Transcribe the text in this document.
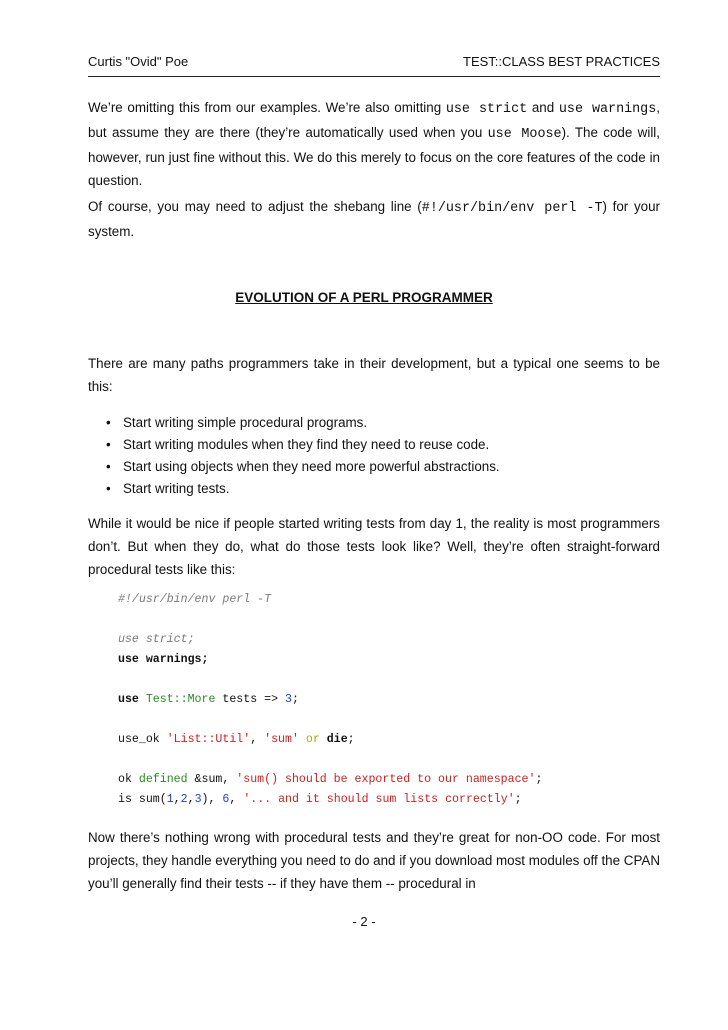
Curtis "Ovid" Poe	TEST::CLASS BEST PRACTICES

We’re omitting this from our examples. We’re also omitting use strict and use warnings, but assume they are there (they’re automatically used when you use Moose). The code will, however, run just fine without this. We do this merely to focus on the core features of the code in question.

Of course, you may need to adjust the shebang line (#!/usr/bin/env perl -T) for your system.

EVOLUTION OF A PERL PROGRAMMER

There are many paths programmers take in their development, but a typical one seems to be this:

• Start writing simple procedural programs.
• Start writing modules when they find they need to reuse code.
• Start using objects when they need more powerful abstractions.
• Start writing tests.

While it would be nice if people started writing tests from day 1, the reality is most programmers don’t. But when they do, what do those tests look like? Well, they’re often straight-forward procedural tests like this:

#!/usr/bin/env perl -T
use strict;
use warnings;
use Test::More tests => 3;
use_ok 'List::Util', 'sum' or die;
ok defined &sum, 'sum() should be exported to our namespace';
is sum(1,2,3), 6, '... and it should sum lists correctly';

Now there’s nothing wrong with procedural tests and they’re great for non-OO code. For most projects, they handle everything you need to do and if you download most modules off the CPAN you’ll generally find their tests -- if they have them -- procedural in

- 2 -
